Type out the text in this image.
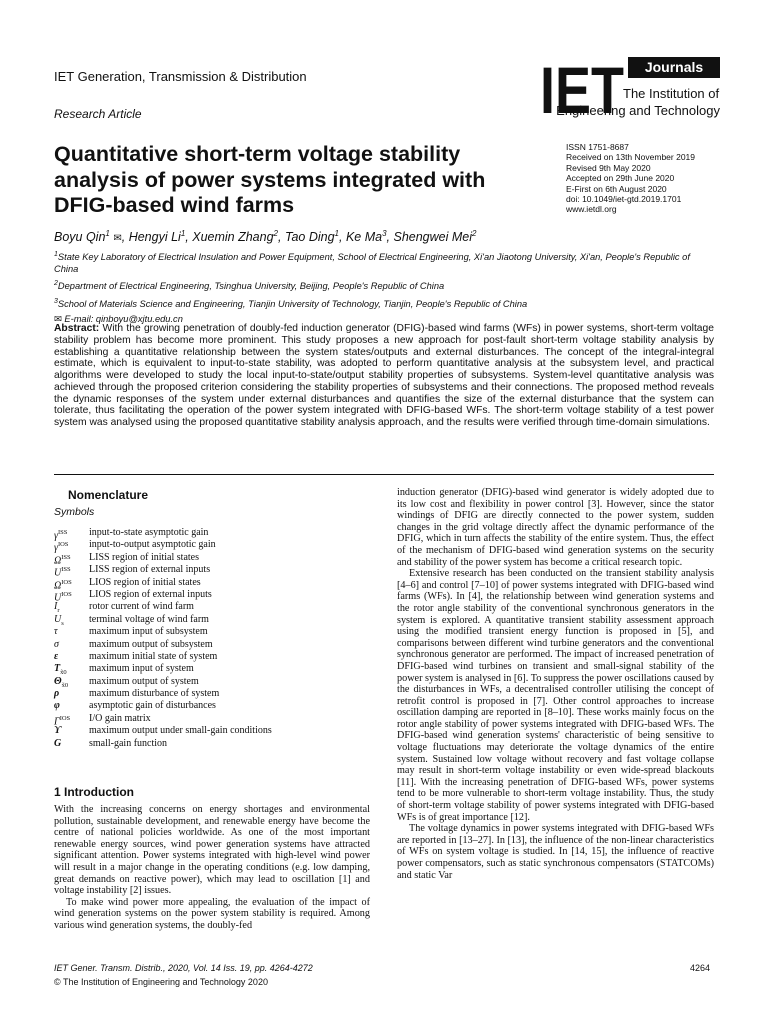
IET Generation, Transmission & Distribution
Research Article	IET	Journals
The Institution of
Engineering and Technology
Quantitative short-term voltage stability analysis of power systems integrated with DFIG-based wind farms
ISSN 1751-8687
Received on 13th November 2019
Revised 9th May 2020
Accepted on 29th June 2020
E-First on 6th August 2020
doi: 10.1049/iet-gtd.2019.1701
www.ietdl.org
Boyu Qin$^1$ ✉, Hengyi Li$^1$, Xuemin Zhang$^2$, Tao Ding$^1$, Ke Ma$^3$, Shengwei Mei$^2$
$^1$State Key Laboratory of Electrical Insulation and Power Equipment, School of Electrical Engineering, Xi'an Jiaotong University, Xi'an, People's Republic of China
$^2$Department of Electrical Engineering, Tsinghua University, Beijing, People's Republic of China
$^3$School of Materials Science and Engineering, Tianjin University of Technology, Tianjin, People's Republic of China
✉ E-mail: qinboyu@xjtu.edu.cn

Abstract: With the growing penetration of doubly-fed induction generator (DFIG)-based wind farms (WFs) in power systems, short-term voltage stability problem has become more prominent. This study proposes a new approach for post-fault short-term voltage stability analysis by establishing a quantitative relationship between the system states/outputs and external disturbances. The concept of the integral-integral estimate, which is equivalent to input-to-state stability, was adopted to perform quantitative analysis at the subsystem level, and practical algorithms were developed to study the local input-to-state/output stability properties of subsystems. System-level quantitative analysis was achieved through the proposed criterion considering the stability properties of subsystems and their connections. The proposed method reveals the dynamic responses of the system under external disturbances and quantifies the size of the external disturbance that the system can tolerate, thus facilitating the operation of the power system integrated with DFIG-based WFs. The short-term voltage stability of a test power system was analysed using the proposed quantitative stability analysis approach, and the results were verified through time-domain simulations.

Nomenclature
Symbols
$\gamma^{ISS}$	input-to-state asymptotic gain
$\gamma^{IOS}$	input-to-output asymptotic gain
$\Omega^{ISS}$	LISS region of initial states
$U^{ISS}$	LISS region of external inputs
$\Omega^{IOS}$	LIOS region of initial states
$U^{IOS}$	LIOS region of external inputs
$I_r$	rotor current of wind farm
$U_s$	terminal voltage of wind farm
τ	maximum input of subsystem
σ	maximum output of subsystem
ε	maximum initial state of system
$T_{x̃0}$	maximum input of system
$\Theta_{x̃0}$	maximum output of system
ρ	maximum disturbance of system
φ	asymptotic gain of disturbances
$\Gamma^{IOS}$	I/O gain matrix
ϒ	maximum output under small-gain conditions
G	small-gain function
1 Introduction

With the increasing concerns on energy shortages and environmental pollution, sustainable development, and renewable energy have become the centre of national policies worldwide. As one of the most important renewable energy sources, wind power generation systems have attracted significant attention. Power systems integrated with high-level wind power will result in a major change in the operating conditions (e.g. low damping, great demands on reactive power), which may lead to oscillation [1] and voltage instability [2] issues.

To make wind power more appealing, the evaluation of the impact of wind generation systems on the power system stability is required. Among various wind generation systems, the doubly-fed

induction generator (DFIG)-based wind generator is widely adopted due to its low cost and flexibility in power control [3]. However, since the stator windings of DFIG are directly connected to the power system, sudden changes in the grid voltage directly affect the dynamic performance of the DFIG, which in turn affects the stability of the entire system. Thus, the effect of the mechanism of DFIG-based wind generation systems on the security and stability of the power system has become a critical research topic.

Extensive research has been conducted on the transient stability analysis [4–6] and control [7–10] of power systems integrated with DFIG-based wind farms (WFs). In [4], the relationship between wind generation systems and the rotor angle stability of the conventional synchronous generators in the system is explored. A quantitative transient stability assessment approach using the modified transient energy function is proposed in [5], and comparisons between different wind turbine generators and the conventional synchronous generator are performed. The impact of increased penetration of DFIG-based wind turbines on transient and small-signal stability of the power system is analysed in [6]. To suppress the power oscillations caused by the disturbances in WFs, a decentralised controller utilising the concept of retrofit control is proposed in [7]. Other control approaches to increase oscillation damping are reported in [8–10]. These works mainly focus on the rotor angle stability of power systems integrated with DFIG-based WFs. The DFIG-based wind generation systems' characteristic of being sensitive to voltage fluctuations may deteriorate the voltage dynamics of the entire system. Sustained low voltage without recovery and fast voltage collapse may result in short-term voltage instability or even wide-spread blackouts [11]. With the increasing penetration of DFIG-based WFs, power systems tend to be more vulnerable to short-term voltage instability. Thus, the study of short-term voltage stability of power systems integrated with DFIG-based WFs is of great importance [12].

The voltage dynamics in power systems integrated with DFIG-based WFs are reported in [13–27]. In [13], the influence of the non-linear characteristics of WFs on system voltage is studied. In [14, 15], the influence of reactive power compensators, such as static synchronous compensators (STATCOMs) and static Var

IET Gener. Transm. Distrib., 2020, Vol. 14 Iss. 19, pp. 4264-4272
© The Institution of Engineering and Technology 2020
4264
